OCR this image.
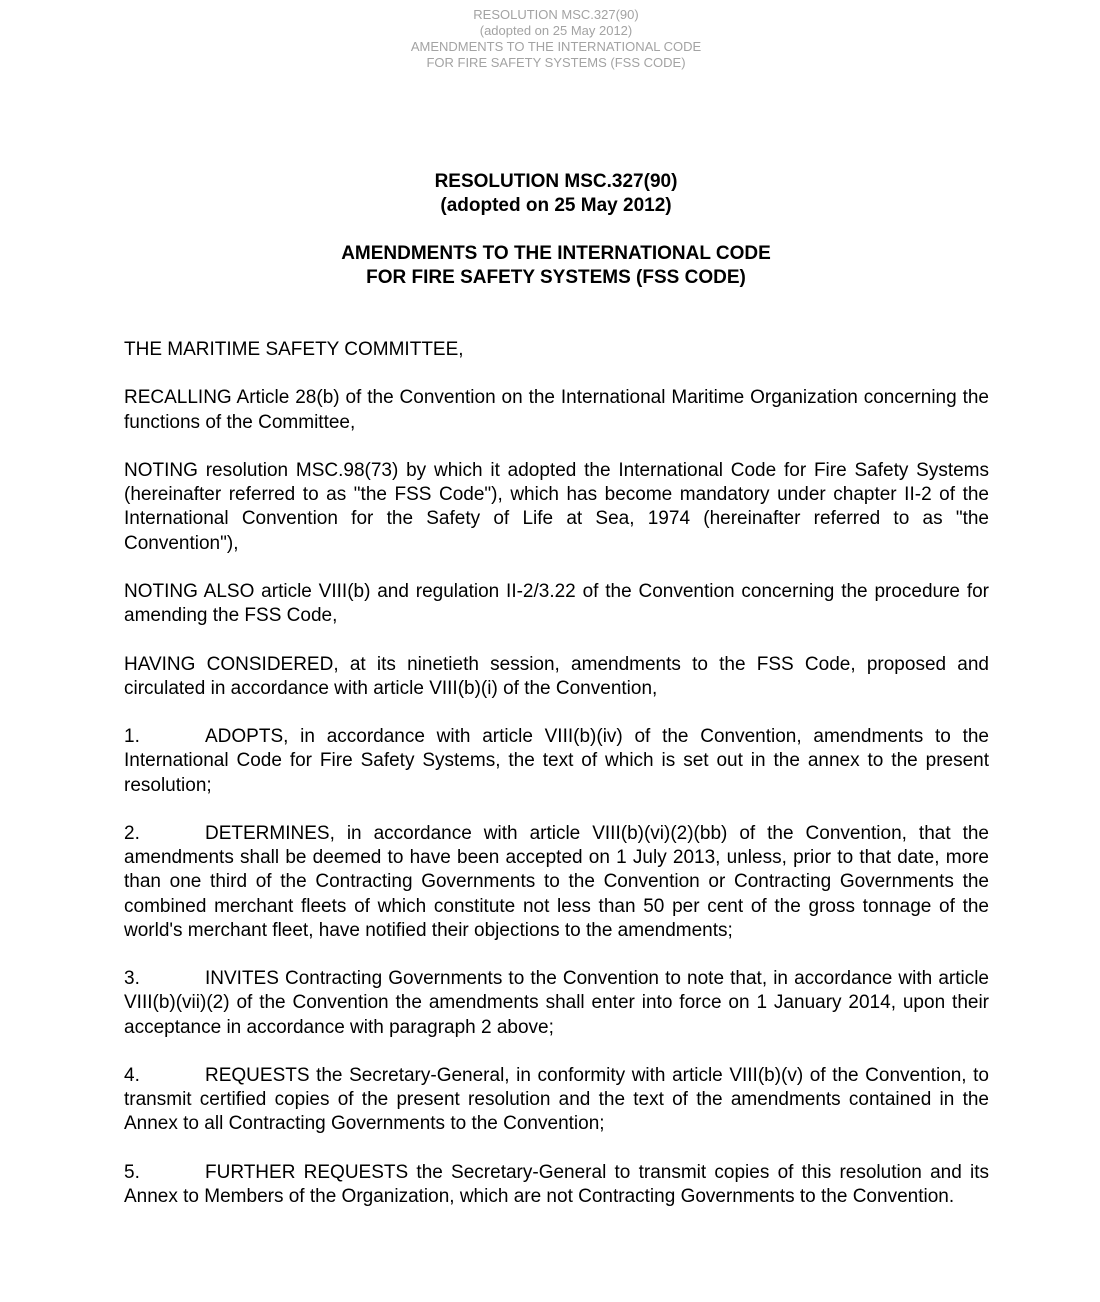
RESOLUTION MSC.327(90)
(adopted on 25 May 2012)
AMENDMENTS TO THE INTERNATIONAL CODE
FOR FIRE SAFETY SYSTEMS (FSS CODE)
RESOLUTION MSC.327(90)
(adopted on 25 May 2012)
AMENDMENTS TO THE INTERNATIONAL CODE
FOR FIRE SAFETY SYSTEMS (FSS CODE)

THE MARITIME SAFETY COMMITTEE,

RECALLING Article 28(b) of the Convention on the International Maritime Organization concerning the functions of the Committee,

NOTING resolution MSC.98(73) by which it adopted the International Code for Fire Safety Systems (hereinafter referred to as "the FSS Code"), which has become mandatory under chapter II-2 of the International Convention for the Safety of Life at Sea, 1974 (hereinafter referred to as "the Convention"),

NOTING ALSO article VIII(b) and regulation II-2/3.22 of the Convention concerning the procedure for amending the FSS Code,

HAVING CONSIDERED, at its ninetieth session, amendments to the FSS Code, proposed and circulated in accordance with article VIII(b)(i) of the Convention,

1.	ADOPTS, in accordance with article VIII(b)(iv) of the Convention, amendments to the International Code for Fire Safety Systems, the text of which is set out in the annex to the present resolution;

2.	DETERMINES, in accordance with article VIII(b)(vi)(2)(bb) of the Convention, that the amendments shall be deemed to have been accepted on 1 July 2013, unless, prior to that date, more than one third of the Contracting Governments to the Convention or Contracting Governments the combined merchant fleets of which constitute not less than 50 per cent of the gross tonnage of the world's merchant fleet, have notified their objections to the amendments;

3.	INVITES Contracting Governments to the Convention to note that, in accordance with article VIII(b)(vii)(2) of the Convention the amendments shall enter into force on 1 January 2014, upon their acceptance in accordance with paragraph 2 above;

4.	REQUESTS the Secretary-General, in conformity with article VIII(b)(v) of the Convention, to transmit certified copies of the present resolution and the text of the amendments contained in the Annex to all Contracting Governments to the Convention;

5.	FURTHER REQUESTS the Secretary-General to transmit copies of this resolution and its Annex to Members of the Organization, which are not Contracting Governments to the Convention.
